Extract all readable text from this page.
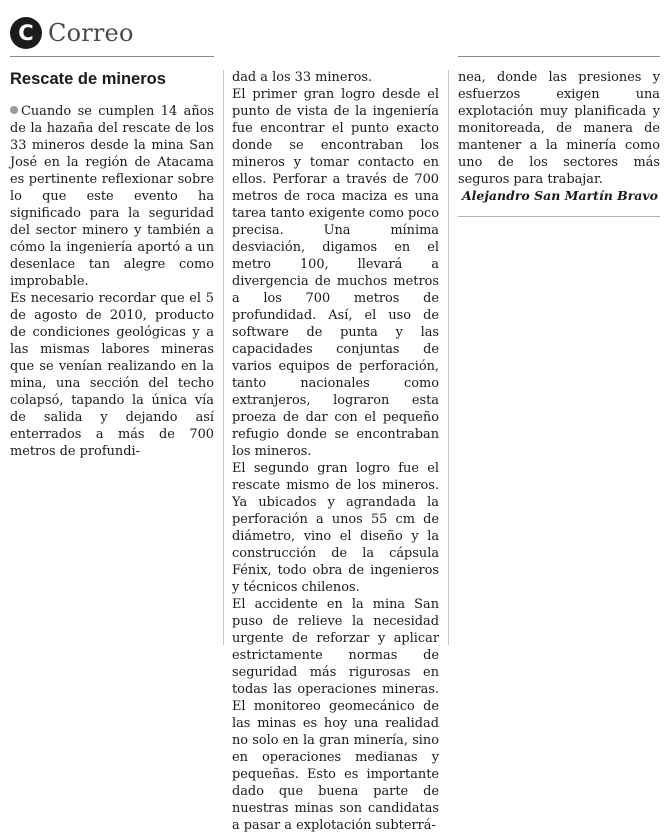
C Correo
Rescate de mineros

Cuando se cumplen 14 años de la hazaña del rescate de los 33 mineros desde la mina San José en la región de Atacama es pertinente reflexionar sobre lo que este evento ha significado para la seguridad del sector minero y también a cómo la ingeniería aportó a un desenlace tan alegre como improbable.

Es necesario recordar que el 5 de agosto de 2010, producto de condiciones geológicas y a las mismas labores mineras que se venían realizando en la mina, una sección del techo colapsó, tapando la única vía de salida y dejando así enterrados a más de 700 metros de profundi-

dad a los 33 mineros.

El primer gran logro desde el punto de vista de la ingeniería fue encontrar el punto exacto donde se encontraban los mineros y tomar contacto en ellos. Perforar a través de 700 metros de roca maciza es una tarea tanto exigente como poco precisa. Una mínima desviación, digamos en el metro 100, llevará a divergencia de muchos metros a los 700 metros de profundidad. Así, el uso de software de punta y las capacidades conjuntas de varios equipos de perforación, tanto nacionales como extranjeros, lograron esta proeza de dar con el pequeño refugio donde se encontraban los mineros.

El segundo gran logro fue el rescate mismo de los mineros. Ya ubicados y agrandada la perforación a unos 55 cm de diámetro, vino el diseño y la construcción de la cápsula Fénix, todo obra de ingenieros y técnicos chilenos.

El accidente en la mina San puso de relieve la necesidad urgente de reforzar y aplicar estrictamente normas de seguridad más rigurosas en todas las operaciones mineras. El monitoreo geomecánico de las minas es hoy una realidad no solo en la gran minería, sino en operaciones medianas y pequeñas. Esto es importante dado que buena parte de nuestras minas son candidatas a pasar a explotación subterrá-

nea, donde las presiones y esfuerzos exigen una explotación muy planificada y monitoreada, de manera de mantener a la minería como uno de los sectores más seguros para trabajar.

Alejandro San Martín Bravo
